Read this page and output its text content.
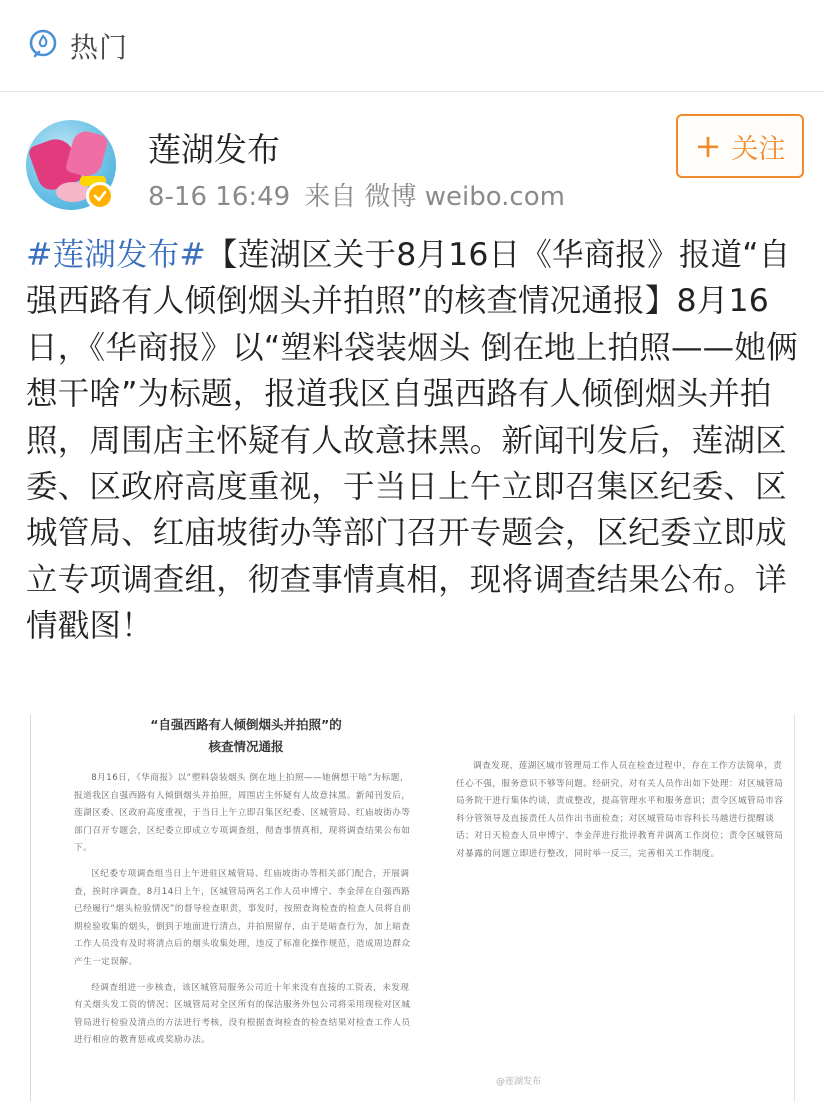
热门
莲湖发布
8-16 16:49 来自 微博 weibo.com
+ 关注
#莲湖发布#【莲湖区关于8月16日《华商报》报道“自强西路有人倾倒烟头并拍照”的核查情况通报】8月16日，《华商报》以“塑料袋装烟头 倒在地上拍照——她俩想干啥”为标题，报道我区自强西路有人倾倒烟头并拍照，周围店主怀疑有人故意抹黑。新闻刊发后，莲湖区委、区政府高度重视，于当日上午立即召集区纪委、区城管局、红庙坡街办等部门召开专题会，区纪委立即成立专项调查组，彻查事情真相，现将调查结果公布。详情戳图！
“自强西路有人倾倒烟头并拍照”的
核查情况通报

8月16日，《华商报》以“塑料袋装烟头 倒在地上拍照——她俩想干啥”为标题，报道我区自强西路有人倾倒烟头并拍照，周围店主怀疑有人故意抹黑。新闻刊发后，莲湖区委、区政府高度重视，于当日上午立即召集区纪委、区城管局、红庙坡街办等部门召开专题会，区纪委立即成立专项调查组，彻查事情真相，现将调查结果公布如下。

区纪委专项调查组当日上午进驻区城管局、红庙坡街办等相关部门配合，开展调查，挨时序调查，8月14日上午，区城管局两名工作人员申博宁、李金萍在自强西路已经履行“烟头检验情况”的督导检查职责，事发时，按照查询检查的检查人员将自前期检验收集的烟头，倒到于地面进行清点，并拍照留存，由于是暗查行为，加上暗查工作人员没有及时将清点后的烟头收集处理，违反了标准化操作规范，造成周边群众产生一定误解。

经调查组进一步核查，该区城管局服务公司近十年来没有直接的工资表，未发现有关烟头发工资的情况；区城管局对全区所有的保洁服务外包公司将采用现检对区城管局进行检验及清点的方法进行考核，没有根据查询检查的检查结果对检查工作人员进行相应的教育惩戒或奖励办法。

调查发现，莲湖区城市管理局工作人员在检查过程中，存在工作方法简单，责任心不强，服务意识不够等问题。经研究，对有关人员作出如下处理：对区城管局局务院干进行集体约谈，责成整改，提高管理水平和服务意识；责令区城管局市容科分管领导及直接责任人员作出书面检查；对区城管局市容科长马越进行提醒谈话；对日天检查人员申博宁、李金萍进行批评教育并调离工作岗位；责令区城管局对暴露的问题立即进行整改，同时举一反三，完善相关工作制度。

@莲湖发布
